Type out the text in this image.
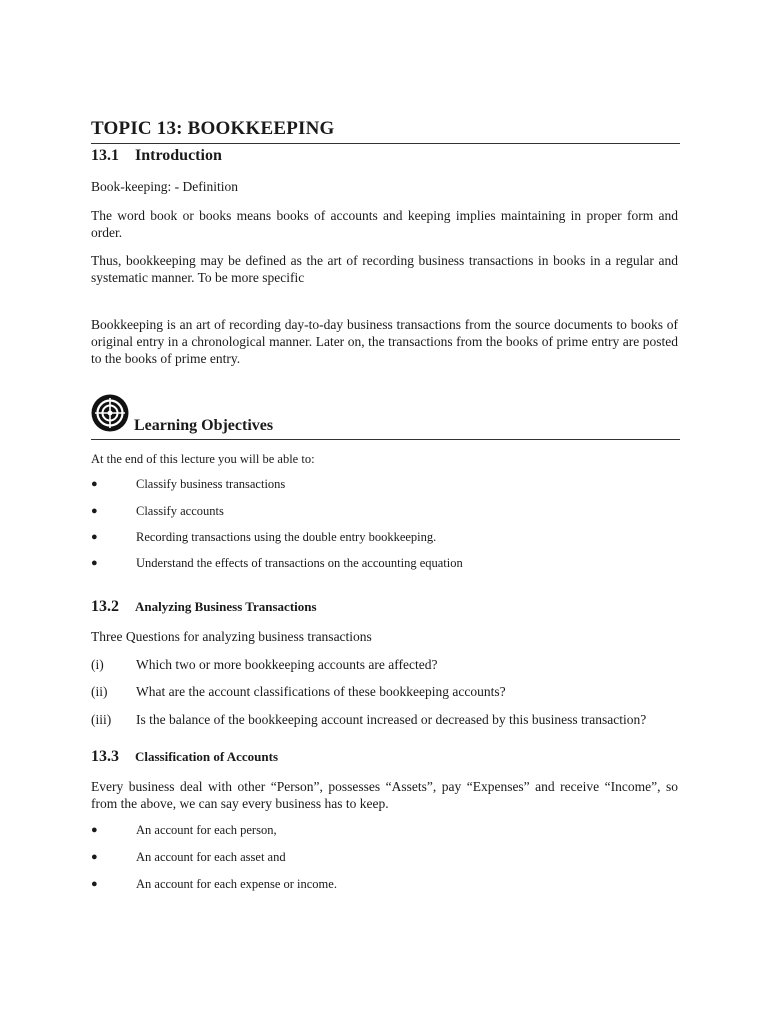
TOPIC 13: BOOKKEEPING
13.1 Introduction
Book-keeping: - Definition
The word book or books means books of accounts and keeping implies maintaining in proper form and order.
Thus, bookkeeping may be defined as the art of recording business transactions in books in a regular and systematic manner. To be more specific
Bookkeeping is an art of recording day-to-day business transactions from the source documents to books of original entry in a chronological manner. Later on, the transactions from the books of prime entry are posted to the books of prime entry.
Learning Objectives
At the end of this lecture you will be able to:
●	Classify business transactions
●	Classify accounts
●	Recording transactions using the double entry bookkeeping.
●	Understand the effects of transactions on the accounting equation
13.2 Analyzing Business Transactions
Three Questions for analyzing business transactions
(i) Which two or more bookkeeping accounts are affected?
(ii) What are the account classifications of these bookkeeping accounts?
(iii) Is the balance of the bookkeeping account increased or decreased by this business transaction?
13.3 Classification of Accounts
Every business deal with other “Person”, possesses “Assets”, pay “Expenses” and receive “Income”, so from the above, we can say every business has to keep.
●	An account for each person,
●	An account for each asset and
●	An account for each expense or income.
